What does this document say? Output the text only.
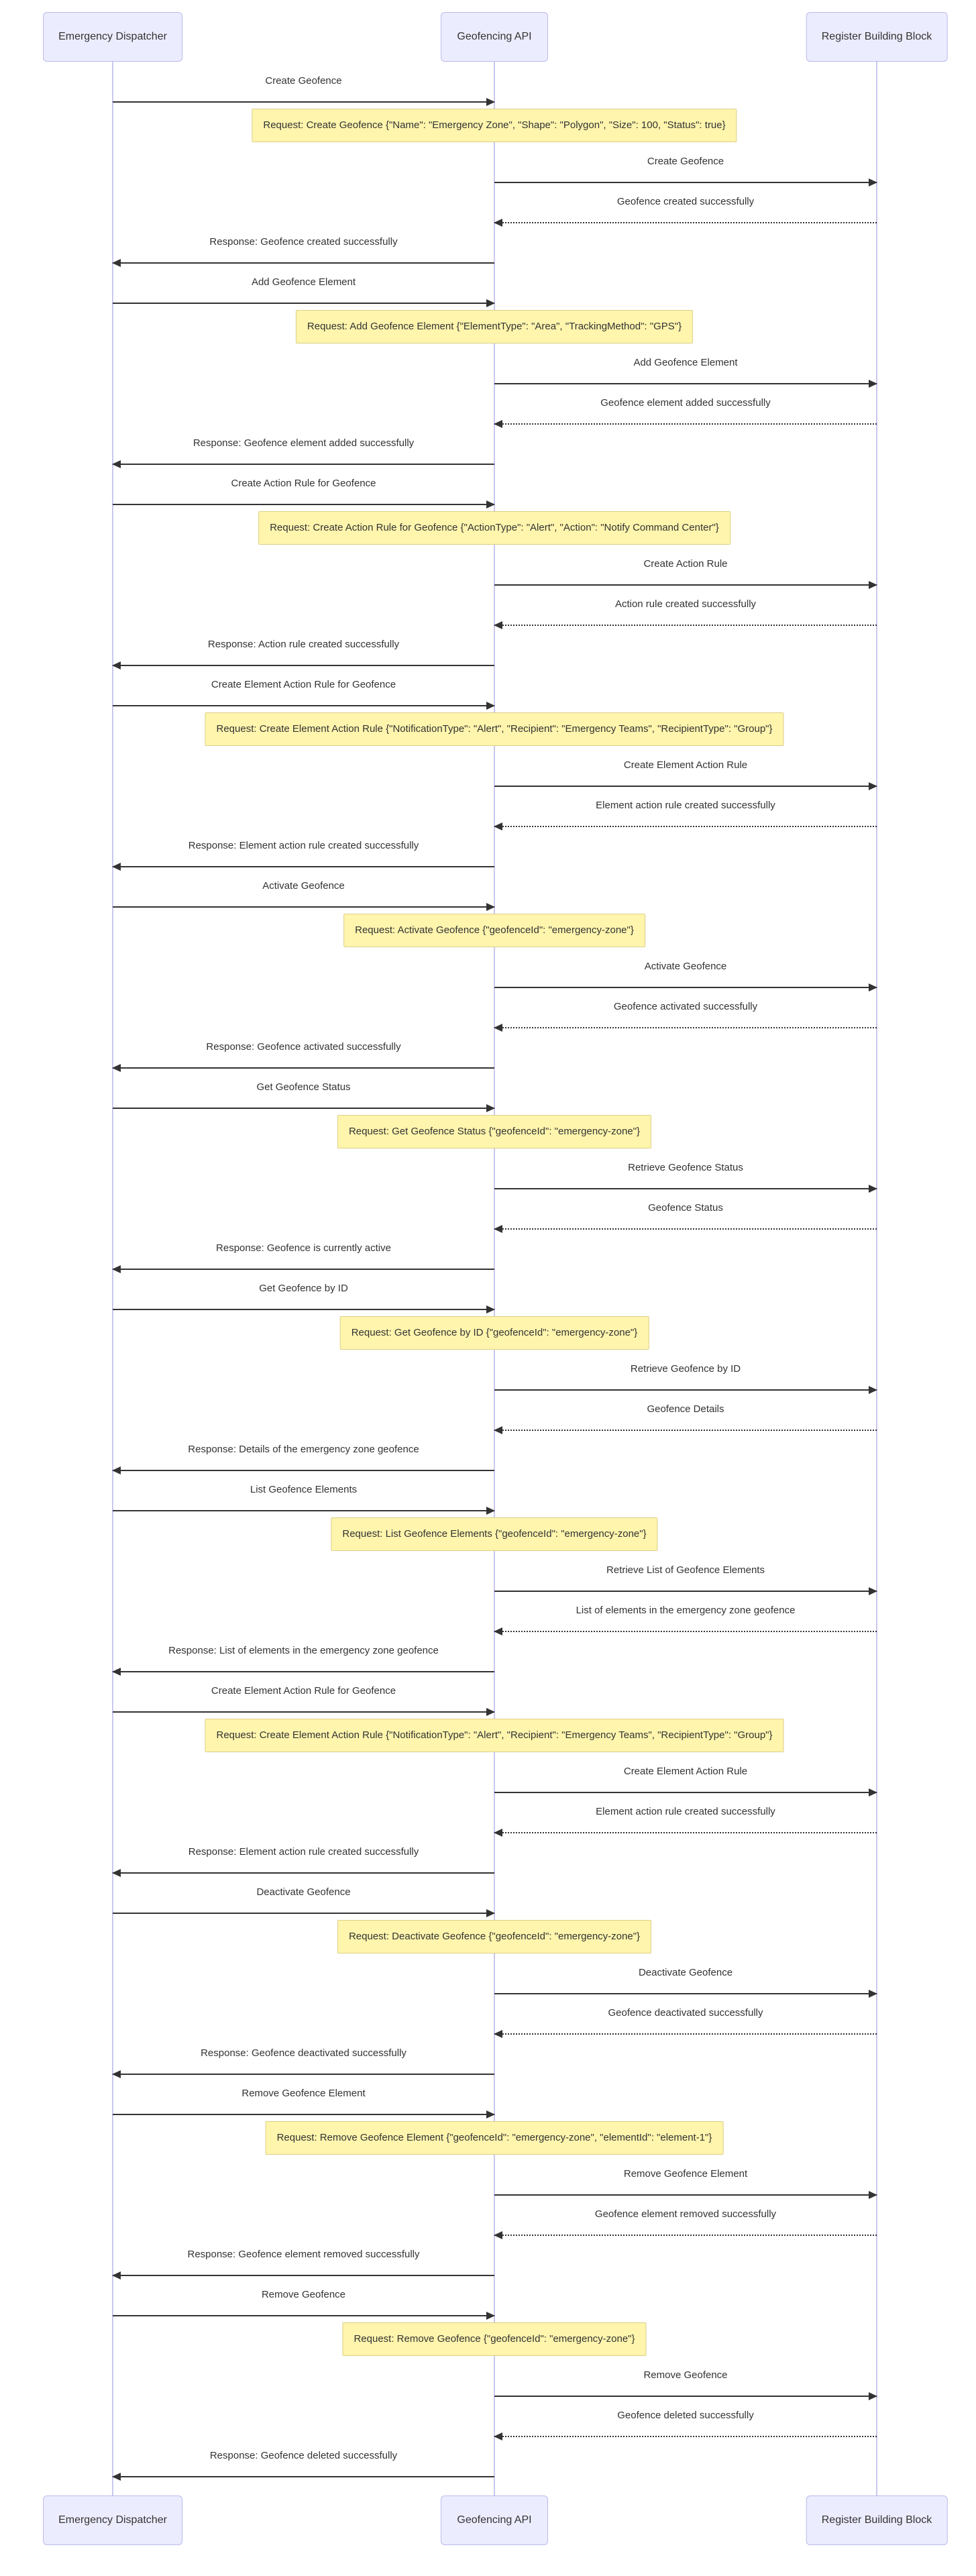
Emergency Dispatcher	Geofencing API	Register Building Block
Create Geofence
Request: Create Geofence {"Name": "Emergency Zone", "Shape": "Polygon", "Size": 100, "Status": true}
Create Geofence
Geofence created successfully
Response: Geofence created successfully
Add Geofence Element
Request: Add Geofence Element {"ElementType": "Area", "TrackingMethod": "GPS"}
Add Geofence Element
Geofence element added successfully
Response: Geofence element added successfully
Create Action Rule for Geofence
Request: Create Action Rule for Geofence {"ActionType": "Alert", "Action": "Notify Command Center"}
Create Action Rule
Action rule created successfully
Response: Action rule created successfully
Create Element Action Rule for Geofence
Request: Create Element Action Rule {"NotificationType": "Alert", "Recipient": "Emergency Teams", "RecipientType": "Group"}
Create Element Action Rule
Element action rule created successfully
Response: Element action rule created successfully
Activate Geofence
Request: Activate Geofence {"geofenceId": "emergency-zone"}
Activate Geofence
Geofence activated successfully
Response: Geofence activated successfully
Get Geofence Status
Request: Get Geofence Status {"geofenceId": "emergency-zone"}
Retrieve Geofence Status
Geofence Status
Response: Geofence is currently active
Get Geofence by ID
Request: Get Geofence by ID {"geofenceId": "emergency-zone"}
Retrieve Geofence by ID
Geofence Details
Response: Details of the emergency zone geofence
List Geofence Elements
Request: List Geofence Elements {"geofenceId": "emergency-zone"}
Retrieve List of Geofence Elements
List of elements in the emergency zone geofence
Response: List of elements in the emergency zone geofence
Create Element Action Rule for Geofence
Request: Create Element Action Rule {"NotificationType": "Alert", "Recipient": "Emergency Teams", "RecipientType": "Group"}
Create Element Action Rule
Element action rule created successfully
Response: Element action rule created successfully
Deactivate Geofence
Request: Deactivate Geofence {"geofenceId": "emergency-zone"}
Deactivate Geofence
Geofence deactivated successfully
Response: Geofence deactivated successfully
Remove Geofence Element
Request: Remove Geofence Element {"geofenceId": "emergency-zone", "elementId": "element-1"}
Remove Geofence Element
Geofence element removed successfully
Response: Geofence element removed successfully
Remove Geofence
Request: Remove Geofence {"geofenceId": "emergency-zone"}
Remove Geofence
Geofence deleted successfully
Response: Geofence deleted successfully
Emergency Dispatcher	Geofencing API	Register Building Block
